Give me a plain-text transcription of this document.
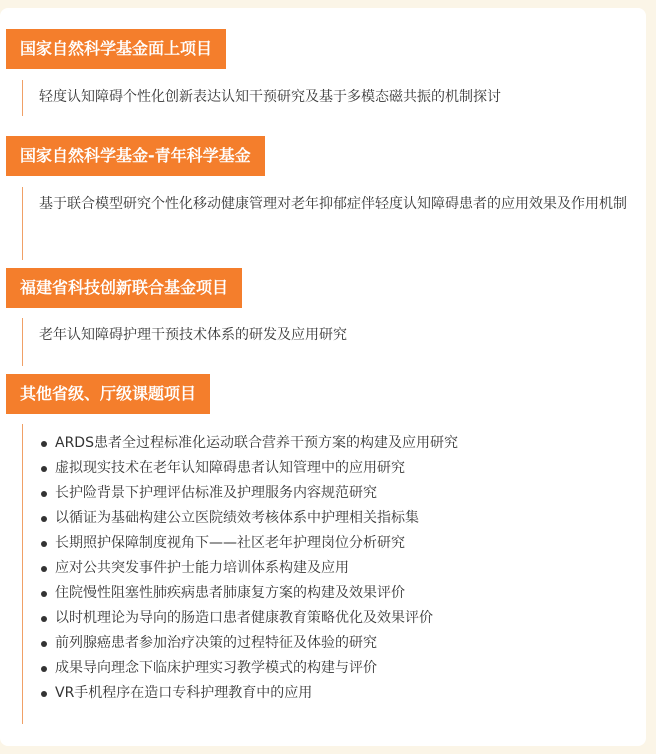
国家自然科学基金面上项目

轻度认知障碍个性化创新表达认知干预研究及基于多模态磁共振的机制探讨

国家自然科学基金-青年科学基金

基于联合模型研究个性化移动健康管理对老年抑郁症伴轻度认知障碍患者的应用效果及作用机制

福建省科技创新联合基金项目

老年认知障碍护理干预技术体系的研发及应用研究

其他省级、厅级课题项目
ARDS患者全过程标准化运动联合营养干预方案的构建及应用研究
虚拟现实技术在老年认知障碍患者认知管理中的应用研究
长护险背景下护理评估标准及护理服务内容规范研究
以循证为基础构建公立医院绩效考核体系中护理相关指标集
长期照护保障制度视角下——社区老年护理岗位分析研究
应对公共突发事件护士能力培训体系构建及应用
住院慢性阻塞性肺疾病患者肺康复方案的构建及效果评价
以时机理论为导向的肠造口患者健康教育策略优化及效果评价
前列腺癌患者参加治疗决策的过程特征及体验的研究
成果导向理念下临床护理实习教学模式的构建与评价
VR手机程序在造口专科护理教育中的应用
